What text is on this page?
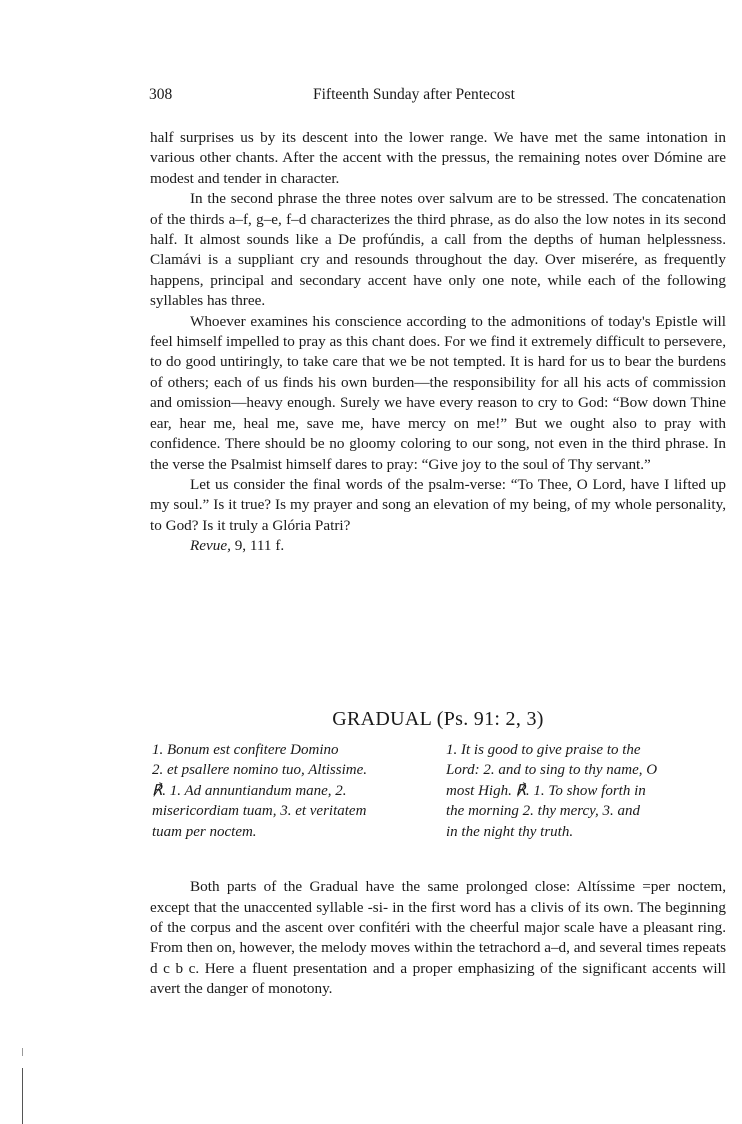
308	Fifteenth Sunday after Pentecost

half surprises us by its descent into the lower range. We have met the same intonation in various other chants. After the accent with the pressus, the remaining notes over Dómine are modest and tender in character.

In the second phrase the three notes over salvum are to be stressed. The concatenation of the thirds a–f, g–e, f–d characterizes the third phrase, as do also the low notes in its second half. It almost sounds like a De profúndis, a call from the depths of human helplessness. Clamávi is a suppliant cry and resounds throughout the day. Over miserére, as frequently happens, principal and secondary accent have only one note, while each of the following syllables has three.

Whoever examines his conscience according to the admonitions of today's Epistle will feel himself impelled to pray as this chant does. For we find it extremely difficult to persevere, to do good untiringly, to take care that we be not tempted. It is hard for us to bear the burdens of others; each of us finds his own burden—the responsibility for all his acts of commission and omission—heavy enough. Surely we have every reason to cry to God: “Bow down Thine ear, hear me, heal me, save me, have mercy on me!” But we ought also to pray with confidence. There should be no gloomy coloring to our song, not even in the third phrase. In the verse the Psalmist himself dares to pray: “Give joy to the soul of Thy servant.”

Let us consider the final words of the psalm-verse: “To Thee, O Lord, have I lifted up my soul.” Is it true? Is my prayer and song an elevation of my being, of my whole personality, to God? Is it truly a Glória Patri?

Revue, 9, 111 f.

GRADUAL (Ps. 91: 2, 3)
1. Bonum est confitere Domino
2. et psallere nomino tuo, Altissime.
℟. 1. Ad annuntiandum mane, 2.
misericordiam tuam, 3. et veritatem
tuam per noctem.
1. It is good to give praise to the
Lord: 2. and to sing to thy name, O
most High. ℟. 1. To show forth in
the morning 2. thy mercy, 3. and
in the night thy truth.

Both parts of the Gradual have the same prolonged close: Altíssime =per noctem, except that the unaccented syllable -si- in the first word has a clivis of its own. The beginning of the corpus and the ascent over confitéri with the cheerful major scale have a pleasant ring. From then on, however, the melody moves within the tetrachord a–d, and several times repeats d c b c. Here a fluent presentation and a proper emphasizing of the significant accents will avert the danger of monotony.
